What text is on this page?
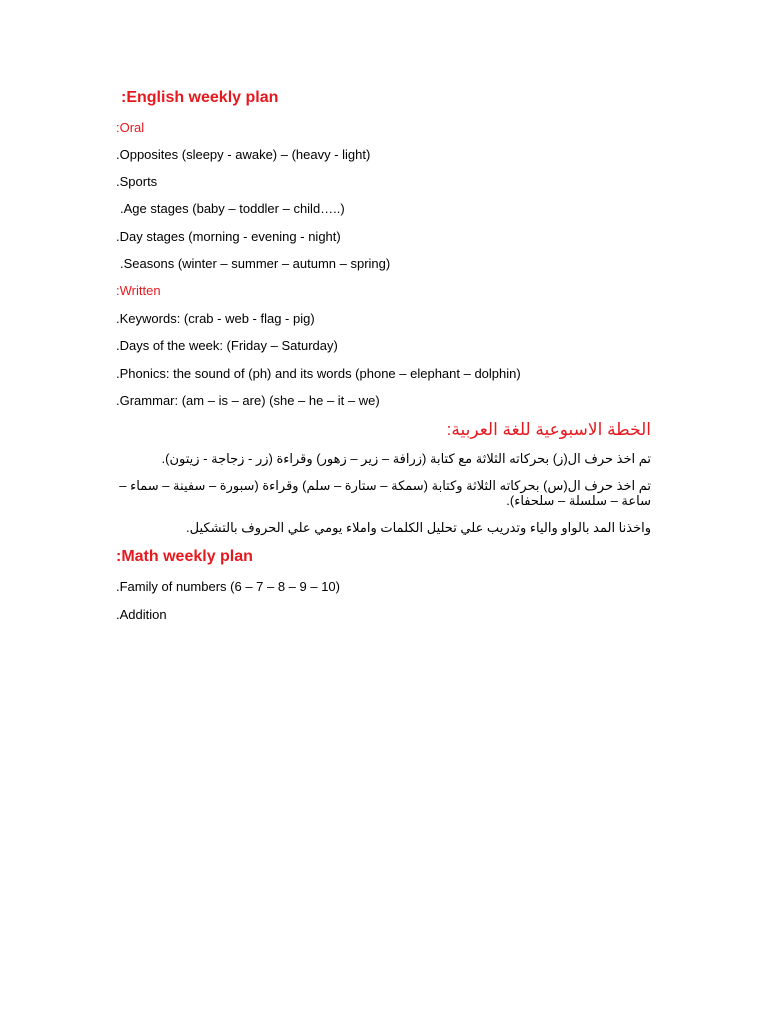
:English weekly plan
:Oral
.Opposites (sleepy - awake) – (heavy - light)
.Sports
.Age stages (baby – toddler – child…..)
.Day stages (morning - evening - night)
.Seasons (winter – summer – autumn – spring)
:Written
.Keywords: (crab - web - flag - pig)
.Days of the week: (Friday – Saturday)
.Phonics: the sound of (ph) and its words (phone – elephant – dolphin)
.Grammar: (am – is – are) (she – he – it – we)
الخطة الاسبوعية للغة العربية:
تم اخذ حرف ال(ز) بحركاته الثلاثة مع كتابة (زرافة – زير – زهور) وقراءة (زر - زجاجة - زيتون).
تم اخذ حرف ال(س) بحركاته الثلاثة وكتابة (سمكة – ستارة – سلم) وقراءة (سبورة – سفينة – سماء – ساعة – سلسلة – سلحفاء).
واخذنا المد بالواو والياء وتدريب علي تحليل الكلمات واملاء يومي علي الحروف بالتشكيل.
:Math weekly plan
.Family of numbers (6 – 7 – 8 – 9 – 10)
.Addition
